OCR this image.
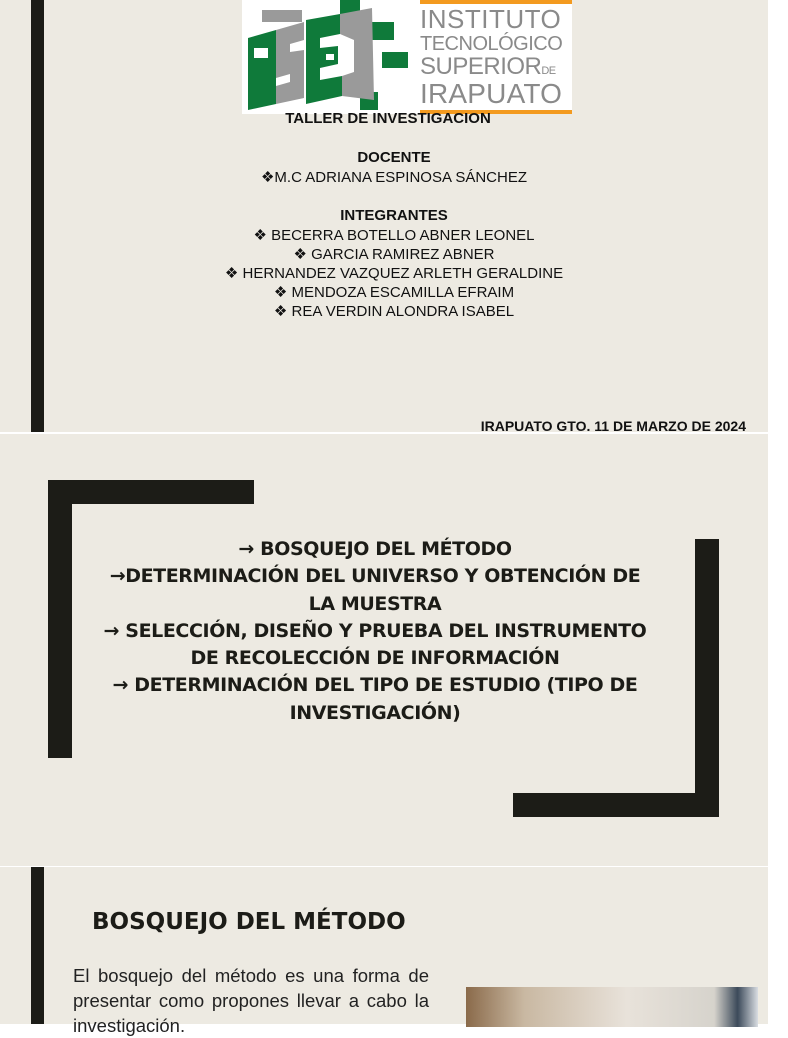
INSTITUTO
TECNOLÓGICO
SUPERIORDE
IRAPUATO
TALLER DE INVESTIGACION
DOCENTE
❖M.C ADRIANA ESPINOSA SÁNCHEZ
INTEGRANTES
❖ BECERRA BOTELLO ABNER LEONEL
❖ GARCIA RAMIREZ ABNER
❖ HERNANDEZ VAZQUEZ ARLETH GERALDINE
❖ MENDOZA ESCAMILLA EFRAIM
❖ REA VERDIN ALONDRA ISABEL
IRAPUATO GTO. 11 DE MARZO DE 2024
→ BOSQUEJO DEL MÉTODO
→DETERMINACIÓN DEL UNIVERSO Y OBTENCIÓN DE LA MUESTRA
→ SELECCIÓN, DISEÑO Y PRUEBA DEL INSTRUMENTO DE RECOLECCIÓN DE INFORMACIÓN
→ DETERMINACIÓN DEL TIPO DE ESTUDIO (TIPO DE INVESTIGACIÓN)
BOSQUEJO DEL MÉTODO
El bosquejo del método es una forma de presentar como propones llevar a cabo la investigación.
